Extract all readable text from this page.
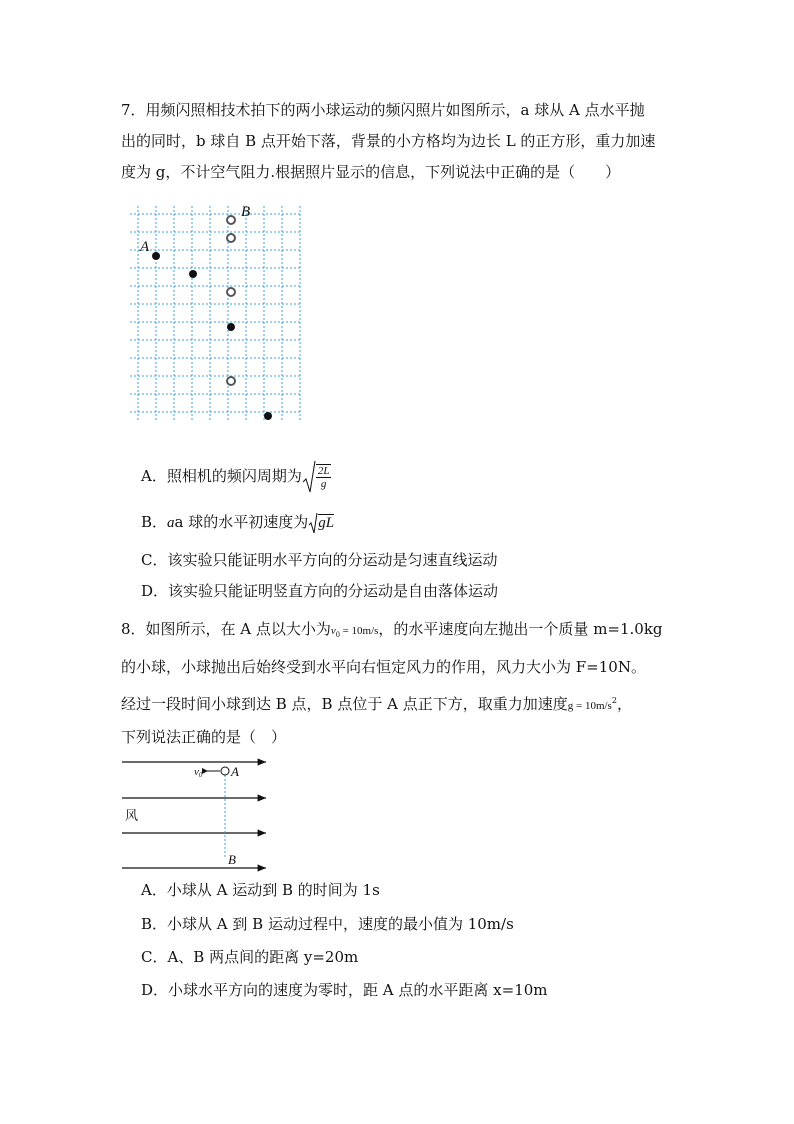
7．用频闪照相技术拍下的两小球运动的频闪照片如图所示，a 球从 A 点水平抛
出的同时，b 球自 B 点开始下落，背景的小方格均为边长 L 的正方形，重力加速
度为 g，不计空气阻力.根据照片显示的信息，下列说法中正确的是（　　）
B
A
A．照相机的频闪周期为 $\frac{2L}{g}$
B．aa 球的水平初速度为 gL
C．该实验只能证明水平方向的分运动是匀速直线运动
D．该实验只能证明竖直方向的分运动是自由落体运动
8．如图所示，在 A 点以大小为$v_0 = 10m/s$，的水平速度向左抛出一个质量 m=1.0kg
的小球，小球抛出后始终受到水平向右恒定风力的作用，风力大小为 F=10N。
经过一段时间小球到达 B 点，B 点位于 A 点正下方，取重力加速度$g = 10m/s^2$，
下列说法正确的是（　）
v0 A
风
B
A．小球从 A 运动到 B 的时间为 1s
B．小球从 A 到 B 运动过程中，速度的最小值为 10m/s
C．A、B 两点间的距离 y=20m
D．小球水平方向的速度为零时，距 A 点的水平距离 x=10m
